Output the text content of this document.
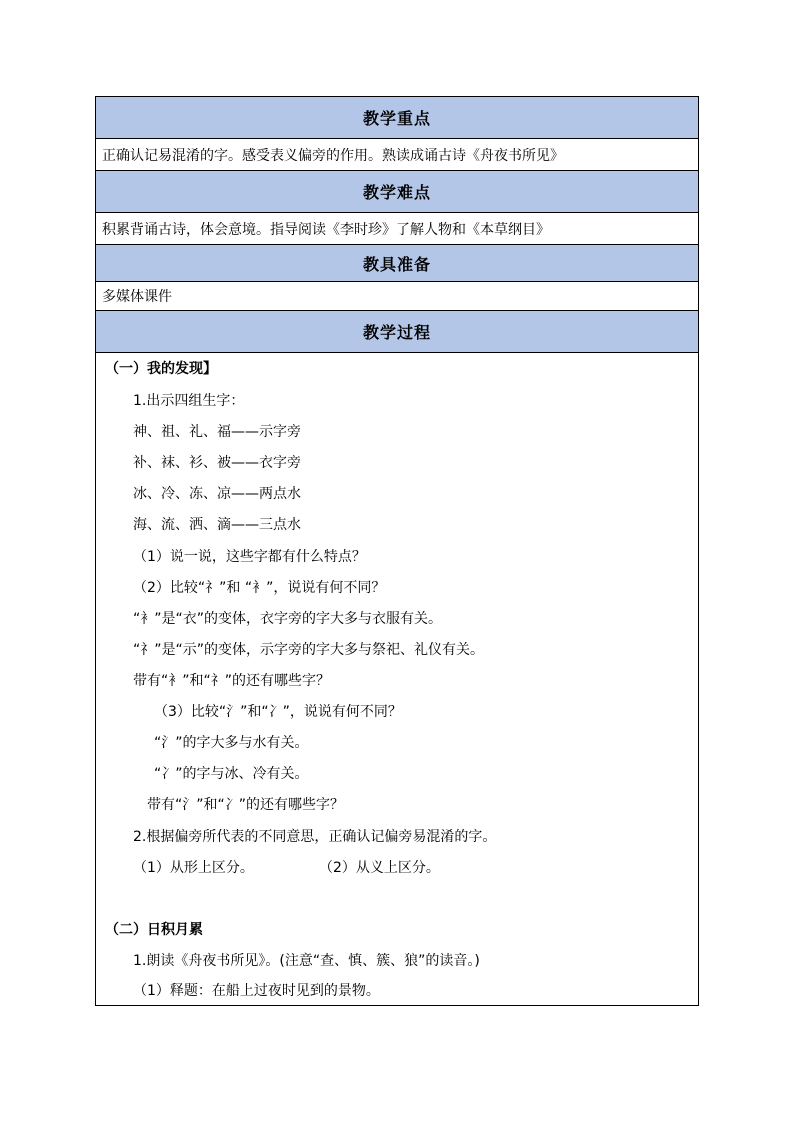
教学重点
正确认记易混淆的字。感受表义偏旁的作用。熟读成诵古诗《舟夜书所见》
教学难点
积累背诵古诗，体会意境。指导阅读《李时珍》了解人物和《本草纲目》
教具准备
多媒体课件
教学过程

（一）我的发现】
1.出示四组生字：
神、祖、礼、福——示字旁
补、袜、衫、被——衣字旁
冰、冷、冻、凉——两点水
海、流、洒、滴——三点水
（1）说一说，这些字都有什么特点？
（2）比较“礻”和 “衤”，说说有何不同？
“衤”是“衣”的变体，衣字旁的字大多与衣服有关。
“礻”是“示”的变体，示字旁的字大多与祭祀、礼仪有关。
带有“衤”和“礻”的还有哪些字？
（3）比较“氵”和“冫”，说说有何不同？
“氵”的字大多与水有关。
“冫”的字与冰、冷有关。
带有“氵”和“冫”的还有哪些字？
2.根据偏旁所代表的不同意思，正确认记偏旁易混淆的字。
（1）从形上区分。	（2）从义上区分。
（二）日积月累
1.朗读《舟夜书所见》。(注意“查、慎、簇、狼”的读音。)
（1）释题：在船上过夜时见到的景物。
